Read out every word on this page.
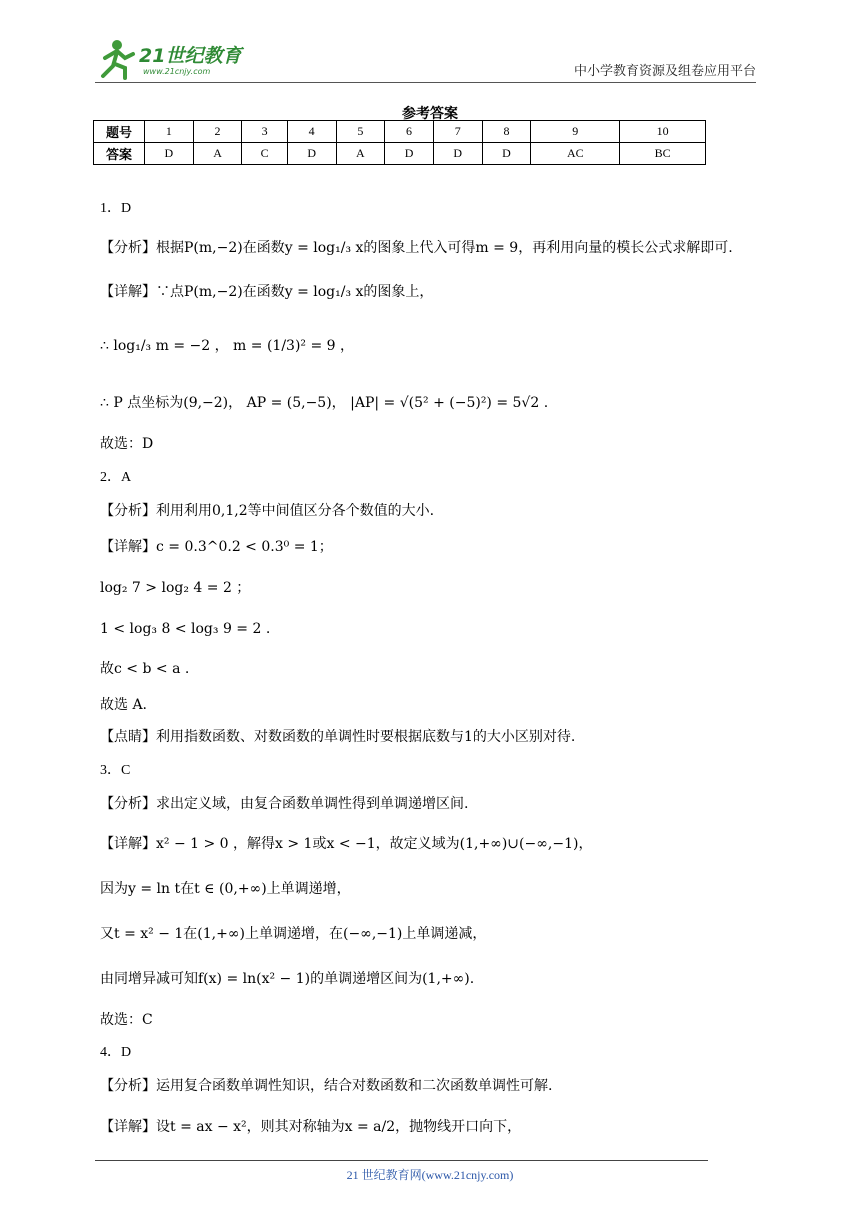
21世纪教育
www.21cnjy.com	中小学教育资源及组卷应用平台
参考答案
题号	1	2	3	4	5	6	7	8	9	10
答案	D	A	C	D	A	D	D	D	AC	BC
1．D
【分析】根据P(m,−2)在函数y = log₁/₃ x的图象上代入可得m = 9，再利用向量的模长公式求解即可.
【详解】∵点P(m,−2)在函数y = log₁/₃ x的图象上，
∴ log₁/₃ m = −2 ， m = (1/3)² = 9 ，
∴ P 点坐标为(9,−2)， AP = (5,−5)， |AP| = √(5² + (−5)²) = 5√2 .
故选：D
2．A
【分析】利用利用0,1,2等中间值区分各个数值的大小.
【详解】c = 0.3^0.2 < 0.3⁰ = 1；
log₂ 7 > log₂ 4 = 2 ；
1 < log₃ 8 < log₃ 9 = 2 .
故c < b < a .
故选 A.
【点睛】利用指数函数、对数函数的单调性时要根据底数与1的大小区别对待.
3．C
【分析】求出定义域，由复合函数单调性得到单调递增区间.
【详解】x² − 1 > 0 ，解得x > 1或x < −1，故定义域为(1,+∞)∪(−∞,−1)，
因为y = ln t在t ∈ (0,+∞)上单调递增，
又t = x² − 1在(1,+∞)上单调递增，在(−∞,−1)上单调递减，
由同增异减可知f(x) = ln(x² − 1)的单调递增区间为(1,+∞).
故选：C
4．D
【分析】运用复合函数单调性知识，结合对数函数和二次函数单调性可解.
【详解】设t = ax − x²，则其对称轴为x = a/2，抛物线开口向下，
21 世纪教育网(www.21cnjy.com)
